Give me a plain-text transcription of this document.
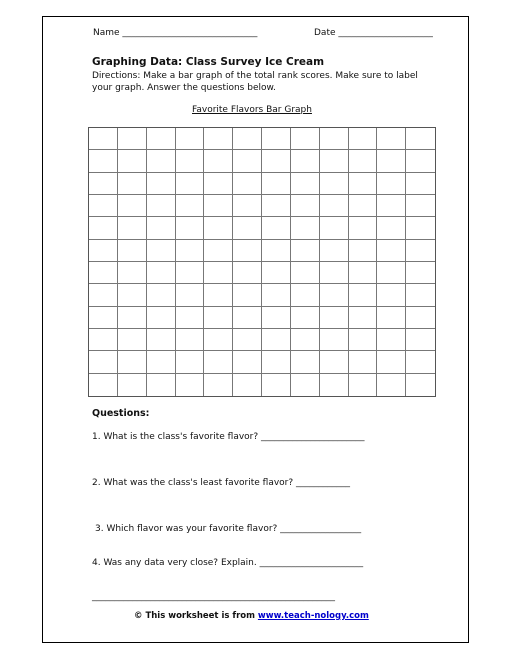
Name ______________________________	Date _____________________
Graphing Data: Class Survey Ice Cream
Directions: Make a bar graph of the total rank scores. Make sure to label your graph. Answer the questions below.
Favorite Flavors Bar Graph
Questions:
1. What is the class's favorite flavor? _______________________
2. What was the class's least favorite flavor? ____________
3. Which flavor was your favorite flavor? __________________
4. Was any data very close? Explain. _______________________
______________________________________________________
© This worksheet is from www.teach-nology.com
